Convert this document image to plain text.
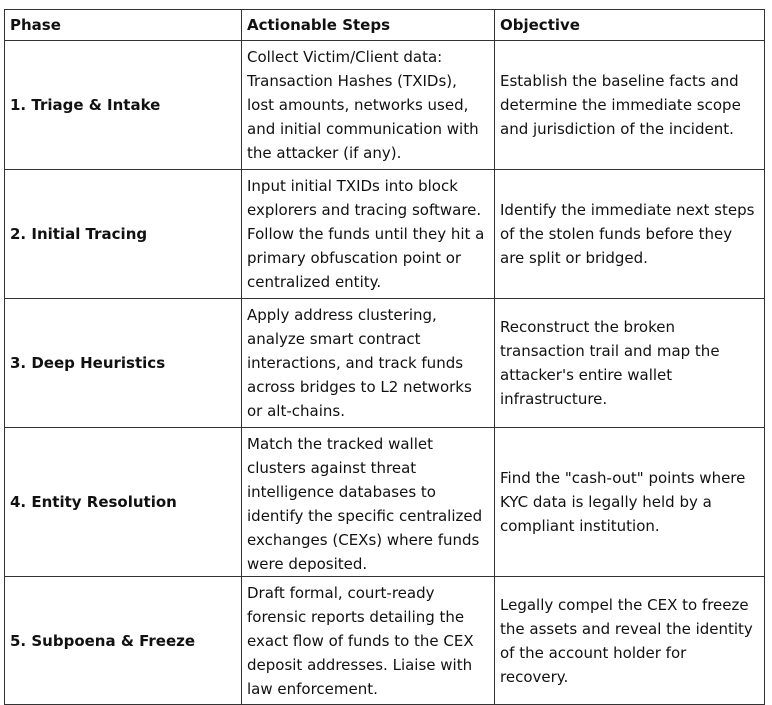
Phase	Actionable Steps	Objective
1. Triage & Intake	Collect Victim/Client data: Transaction Hashes (TXIDs), lost amounts, networks used, and initial communication with the attacker (if any).	Establish the baseline facts and determine the immediate scope and jurisdiction of the incident.
2. Initial Tracing	Input initial TXIDs into block explorers and tracing software. Follow the funds until they hit a primary obfuscation point or centralized entity.	Identify the immediate next steps of the stolen funds before they are split or bridged.
3. Deep Heuristics	Apply address clustering, analyze smart contract interactions, and track funds across bridges to L2 networks or alt-chains.	Reconstruct the broken transaction trail and map the attacker's entire wallet infrastructure.
4. Entity Resolution	Match the tracked wallet clusters against threat intelligence databases to identify the specific centralized exchanges (CEXs) where funds were deposited.	Find the "cash-out" points where KYC data is legally held by a compliant institution.
5. Subpoena & Freeze	Draft formal, court-ready forensic reports detailing the exact flow of funds to the CEX deposit addresses. Liaise with law enforcement.	Legally compel the CEX to freeze the assets and reveal the identity of the account holder for recovery.
